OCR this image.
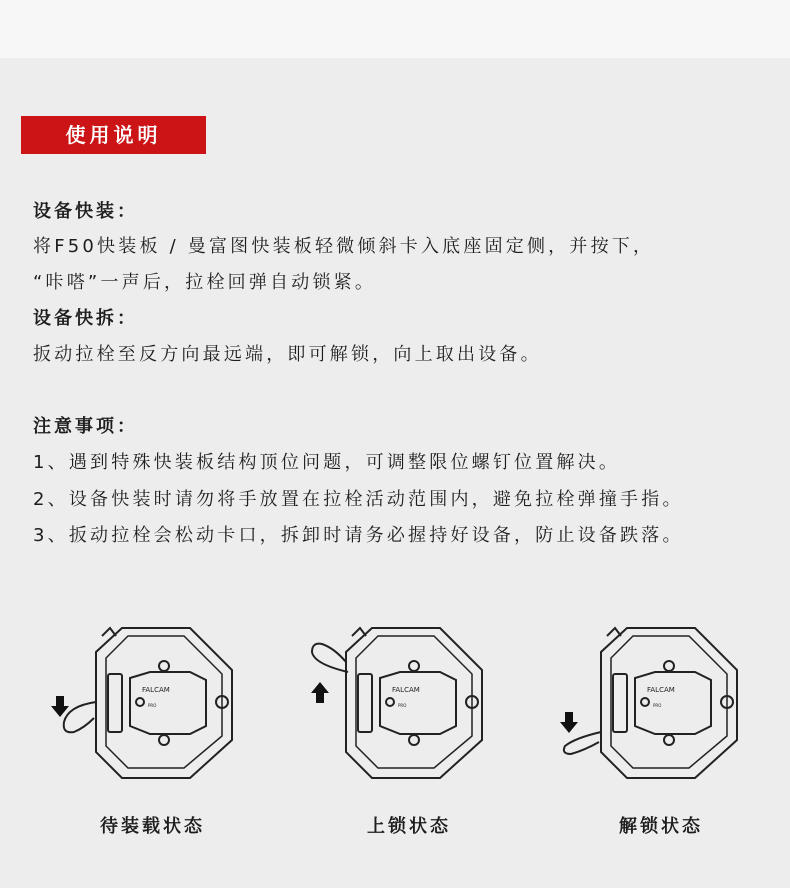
使用说明
设备快装：
将F50快装板 / 曼富图快装板轻微倾斜卡入底座固定侧，并按下，
“咔嗒”一声后，拉栓回弹自动锁紧。
设备快拆：
扳动拉栓至反方向最远端，即可解锁，向上取出设备。
注意事项：
1、遇到特殊快装板结构顶位问题，可调整限位螺钉位置解决。
2、设备快装时请勿将手放置在拉栓活动范围内，避免拉栓弹撞手指。
3、扳动拉栓会松动卡口，拆卸时请务必握持好设备，防止设备跌落。
FALCAM
PRO
FALCAM
PRO
FALCAM
PRO
待装载状态	上锁状态	解锁状态
